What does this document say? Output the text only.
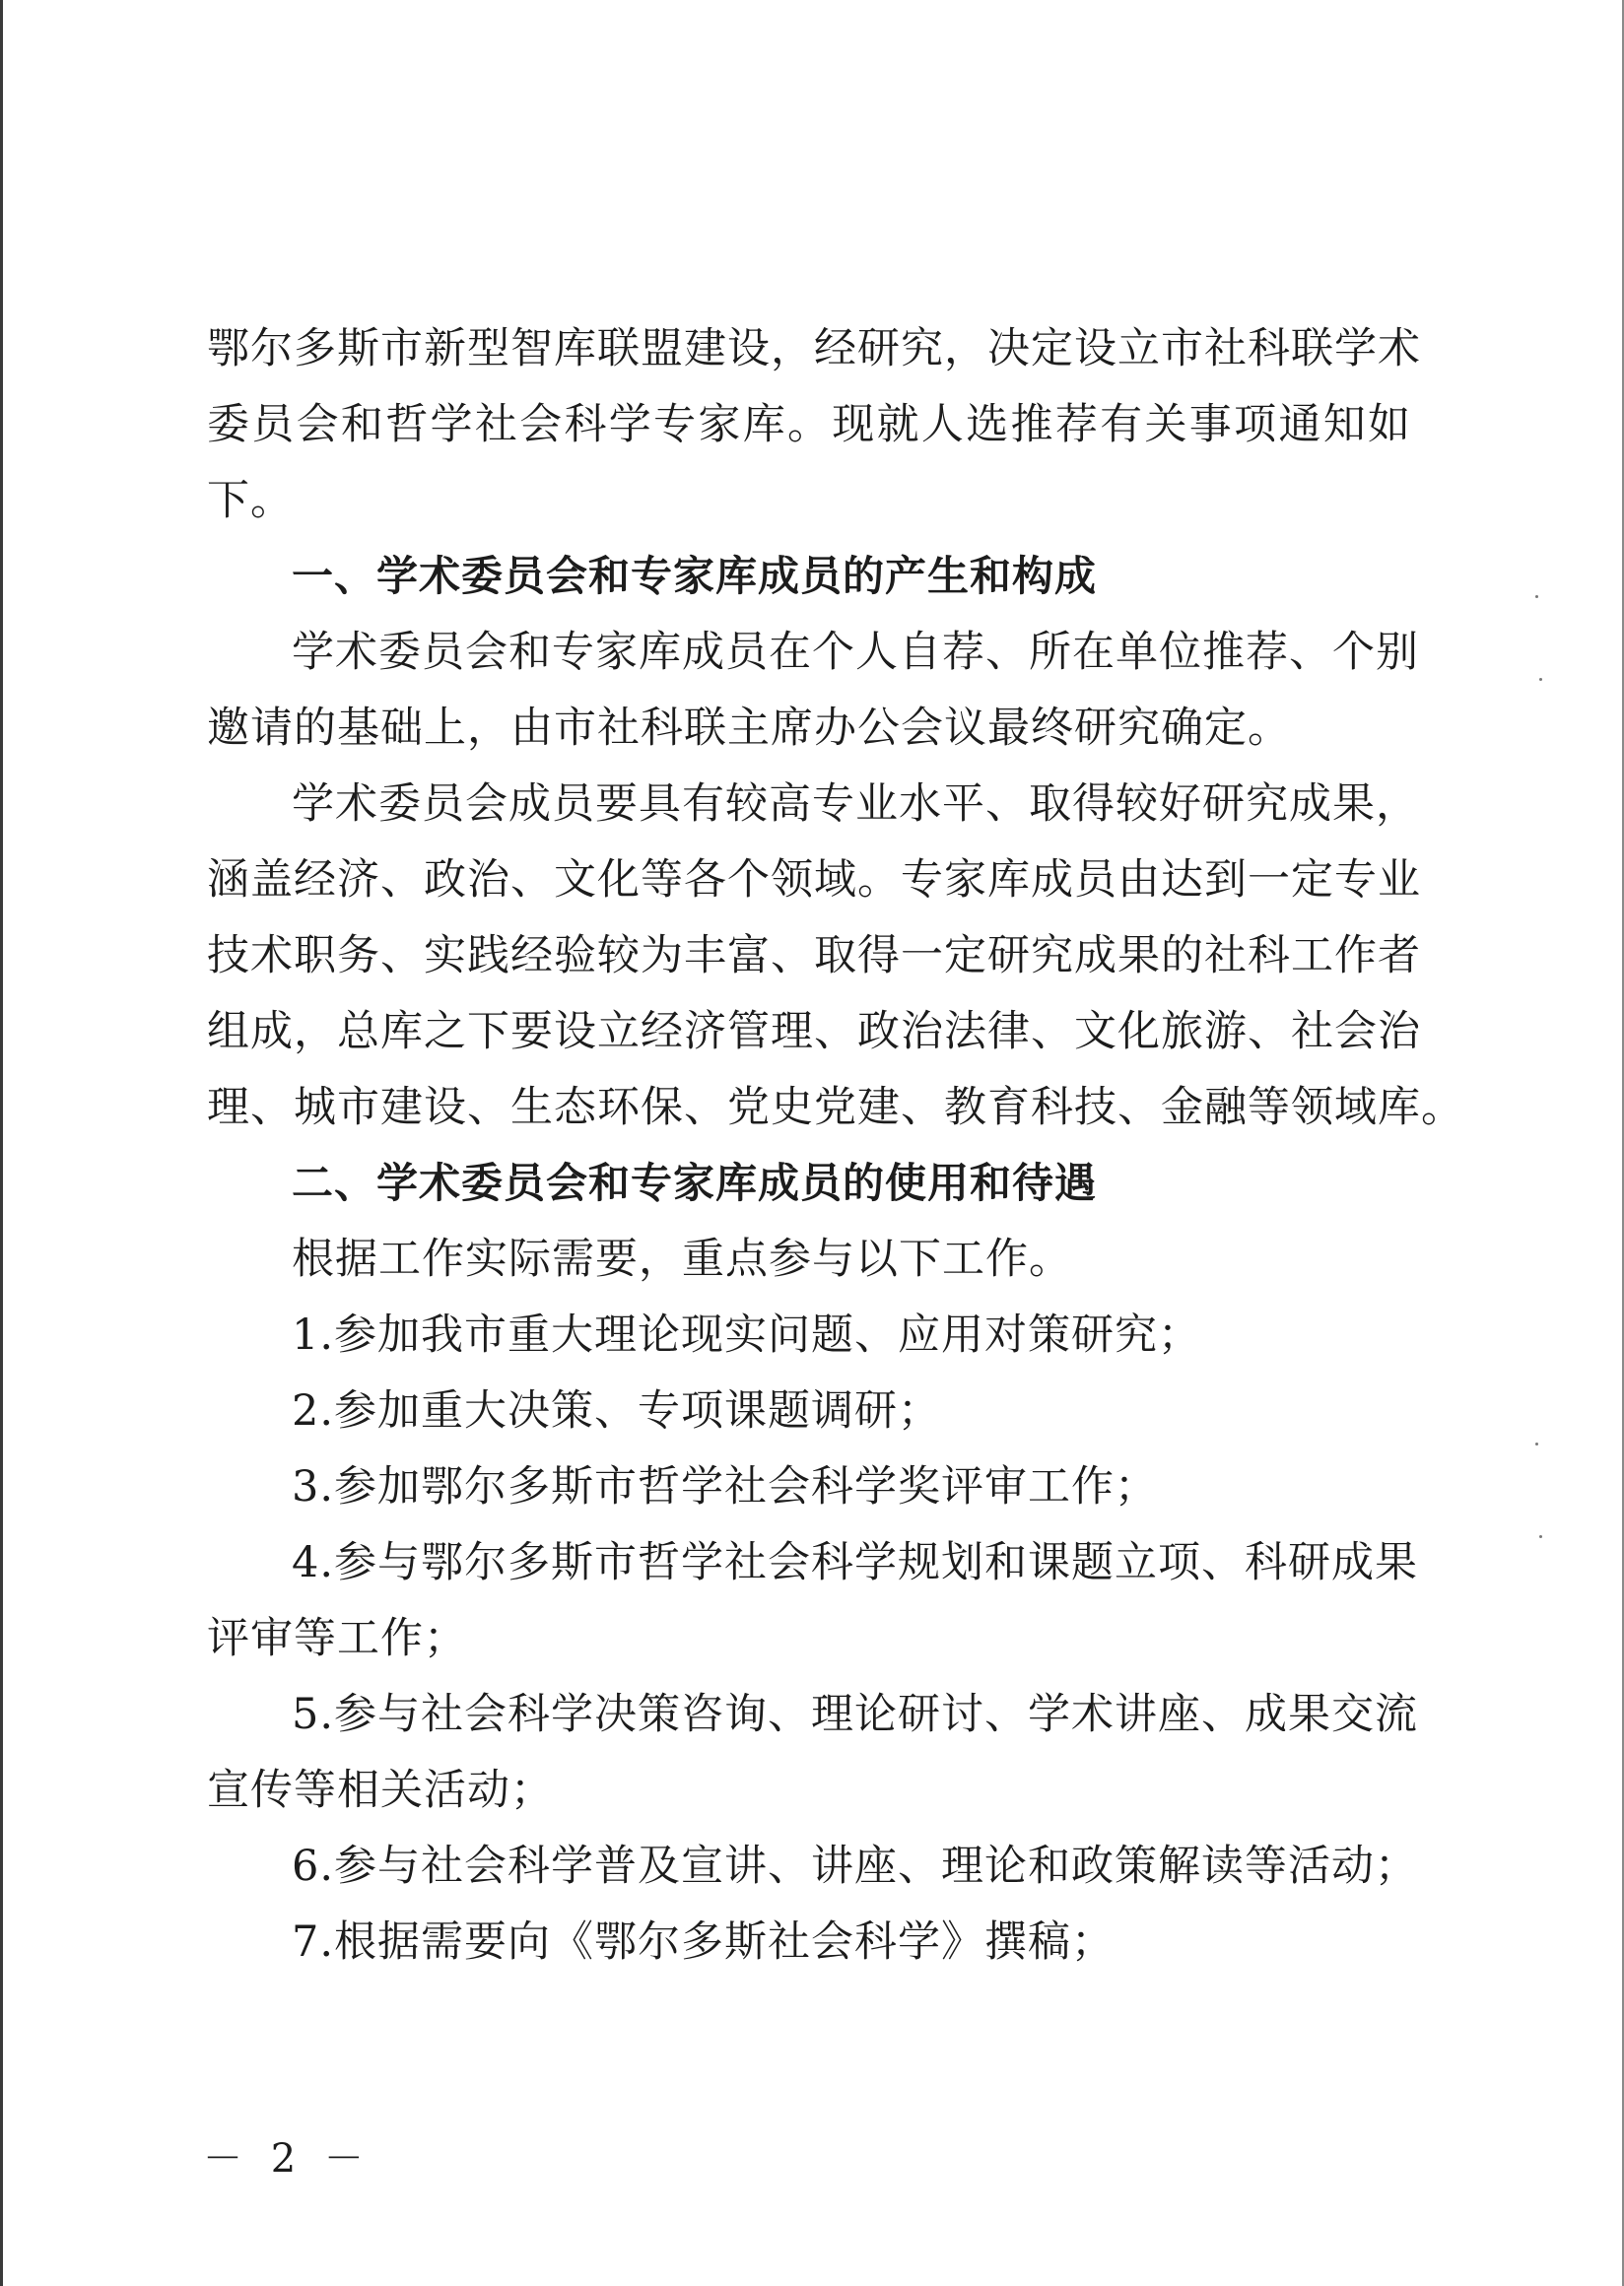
鄂尔多斯市新型智库联盟建设，经研究，决定设立市社科联学术
委员会和哲学社会科学专家库。现就人选推荐有关事项通知如
下。
一、学术委员会和专家库成员的产生和构成
学术委员会和专家库成员在个人自荐、所在单位推荐、个别
邀请的基础上，由市社科联主席办公会议最终研究确定。
学术委员会成员要具有较高专业水平、取得较好研究成果，
涵盖经济、政治、文化等各个领域。专家库成员由达到一定专业
技术职务、实践经验较为丰富、取得一定研究成果的社科工作者
组成，总库之下要设立经济管理、政治法律、文化旅游、社会治
理、城市建设、生态环保、党史党建、教育科技、金融等领域库。
二、学术委员会和专家库成员的使用和待遇
根据工作实际需要，重点参与以下工作。
1.参加我市重大理论现实问题、应用对策研究；
2.参加重大决策、专项课题调研；
3.参加鄂尔多斯市哲学社会科学奖评审工作；
4.参与鄂尔多斯市哲学社会科学规划和课题立项、科研成果
评审等工作；
5.参与社会科学决策咨询、理论研讨、学术讲座、成果交流
宣传等相关活动；
6.参与社会科学普及宣讲、讲座、理论和政策解读等活动；
7.根据需要向《鄂尔多斯社会科学》撰稿；
－ 2 －
